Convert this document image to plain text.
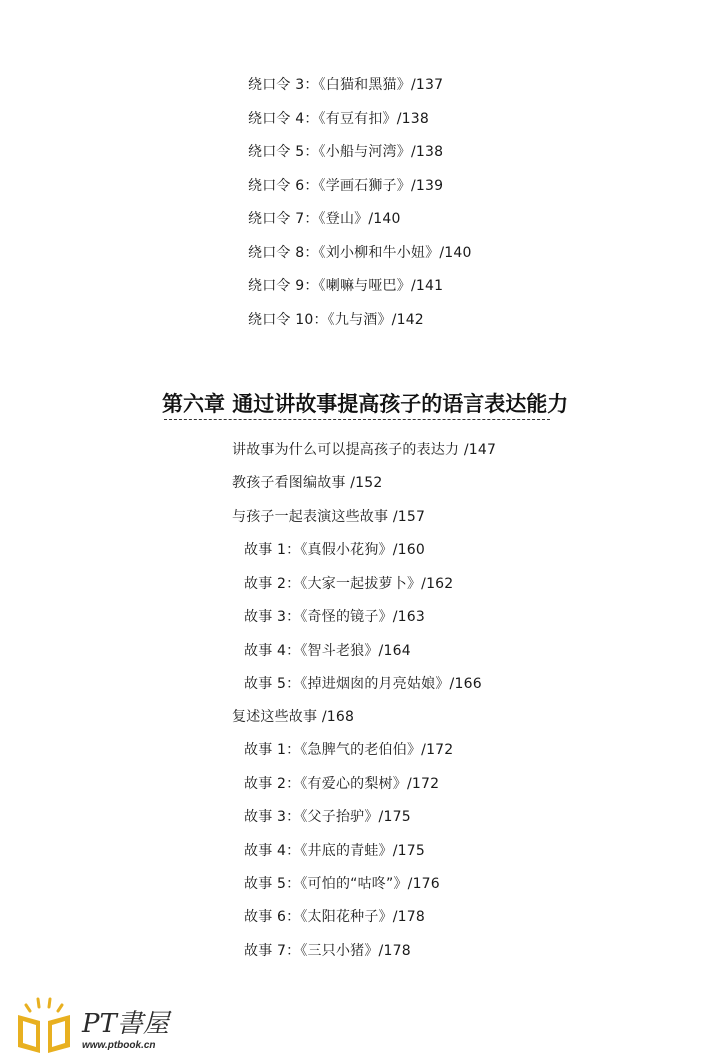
绕口令 3：《白猫和黑猫》/137
绕口令 4：《有豆有扣》/138
绕口令 5：《小船与河湾》/138
绕口令 6：《学画石狮子》/139
绕口令 7：《登山》/140
绕口令 8：《刘小柳和牛小妞》/140
绕口令 9：《喇嘛与哑巴》/141
绕口令 10：《九与酒》/142
第六章 通过讲故事提高孩子的语言表达能力
讲故事为什么可以提高孩子的表达力 /147
教孩子看图编故事 /152
与孩子一起表演这些故事 /157
故事 1：《真假小花狗》/160
故事 2：《大家一起拔萝卜》/162
故事 3：《奇怪的镜子》/163
故事 4：《智斗老狼》/164
故事 5：《掉进烟囱的月亮姑娘》/166
复述这些故事 /168
故事 1：《急脾气的老伯伯》/172
故事 2：《有爱心的梨树》/172
故事 3：《父子抬驴》/175
故事 4：《井底的青蛙》/175
故事 5：《可怕的“咕咚”》/176
故事 6：《太阳花种子》/178
故事 7：《三只小猪》/178
PT書屋
www.ptbook.cn
